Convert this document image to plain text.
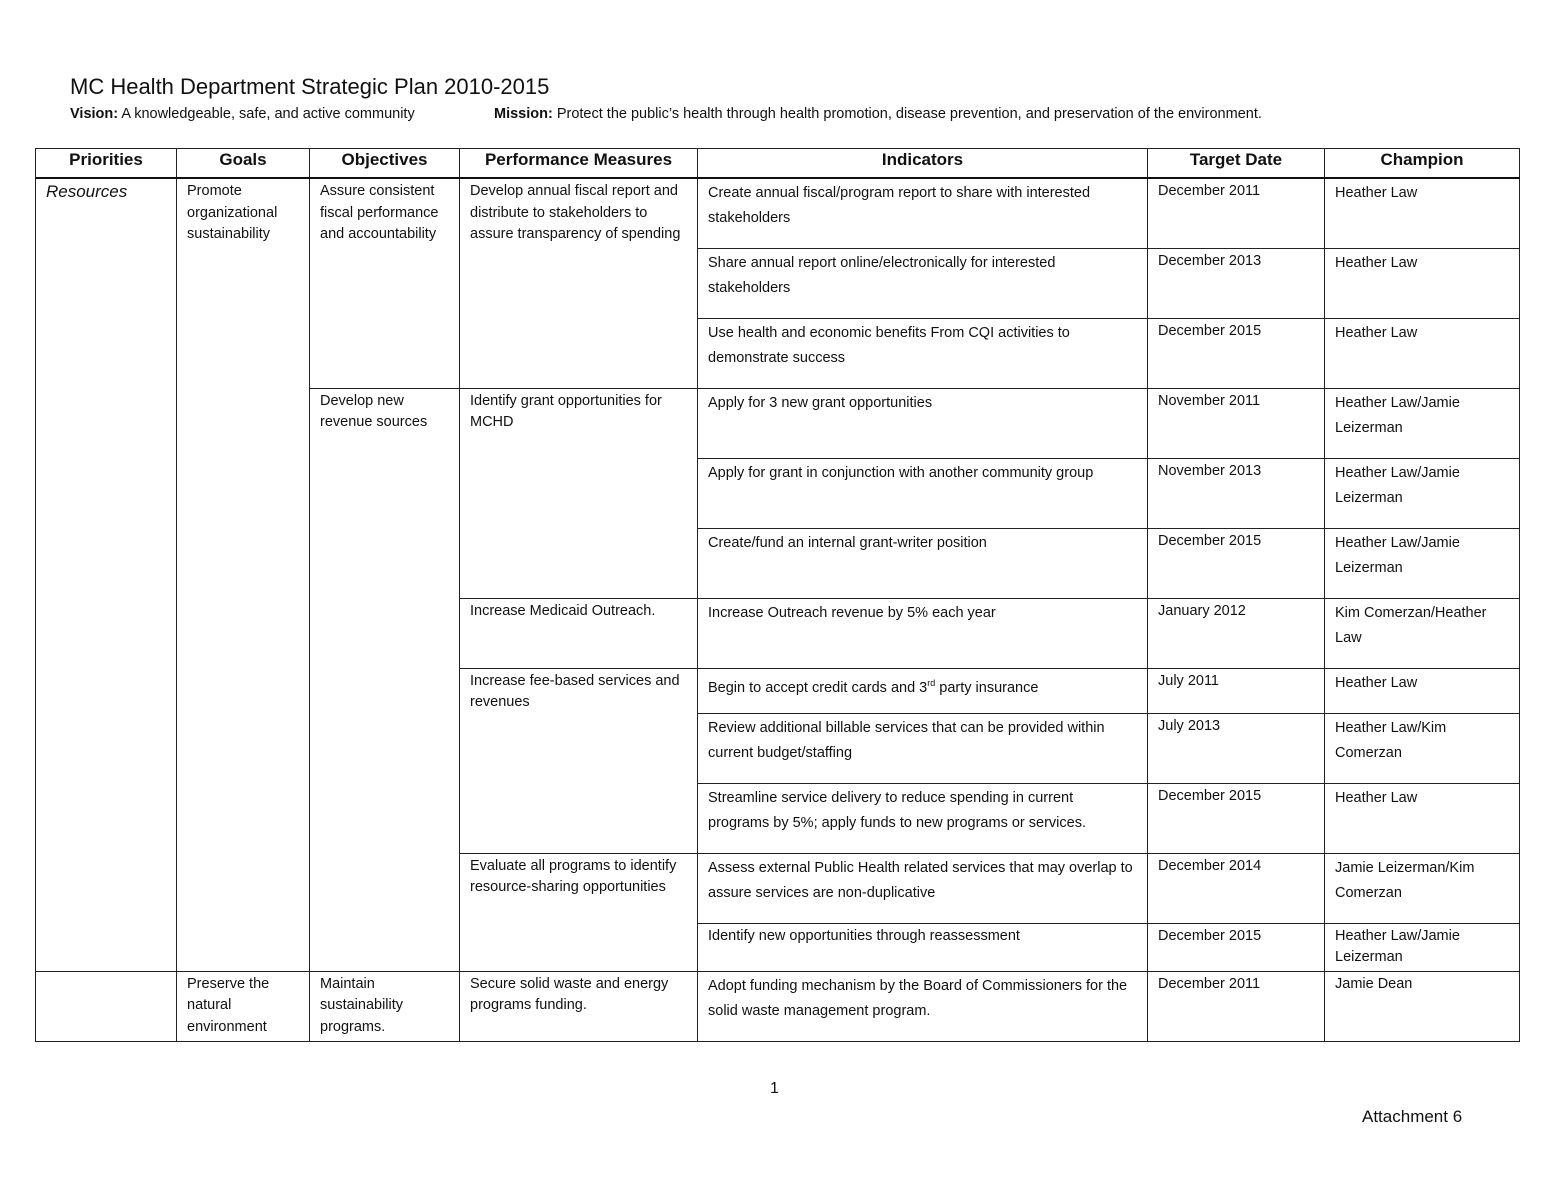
MC Health Department Strategic Plan 2010-2015
Vision: A knowledgeable, safe, and active community	Mission: Protect the public’s health through health promotion, disease prevention, and preservation of the environment.
Priorities	Goals	Objectives	Performance Measures	Indicators	Target Date	Champion
Resources	Promote organizational sustainability	Assure consistent fiscal performance and accountability	Develop annual fiscal report and distribute to stakeholders to assure transparency of spending	Create annual fiscal/program report to share with interested stakeholders	December 2011	Heather Law
				Share annual report online/electronically for interested stakeholders	December 2013	Heather Law
				Use health and economic benefits From CQI activities to demonstrate success	December 2015	Heather Law
		Develop new revenue sources	Identify grant opportunities for MCHD	Apply for 3 new grant opportunities	November 2011	Heather Law/Jamie Leizerman
				Apply for grant in conjunction with another community group	November 2013	Heather Law/Jamie Leizerman
				Create/fund an internal grant-writer position	December 2015	Heather Law/Jamie Leizerman
			Increase Medicaid Outreach.	Increase Outreach revenue by 5% each year	January 2012	Kim Comerzan/Heather Law
			Increase fee-based services and revenues	Begin to accept credit cards and 3rd party insurance	July 2011	Heather Law
				Review additional billable services that can be provided within current budget/staffing	July 2013	Heather Law/Kim Comerzan
				Streamline service delivery to reduce spending in current programs by 5%; apply funds to new programs or services.	December 2015	Heather Law
			Evaluate all programs to identify resource-sharing opportunities	Assess external Public Health related services that may overlap to assure services are non-duplicative	December 2014	Jamie Leizerman/Kim Comerzan
				Identify new opportunities through reassessment	December 2015	Heather Law/Jamie Leizerman
	Preserve the natural environment	Maintain sustainability programs.	Secure solid waste and energy programs funding.	Adopt funding mechanism by the Board of Commissioners for the solid waste management program.	December 2011	Jamie Dean
1
Attachment 6
